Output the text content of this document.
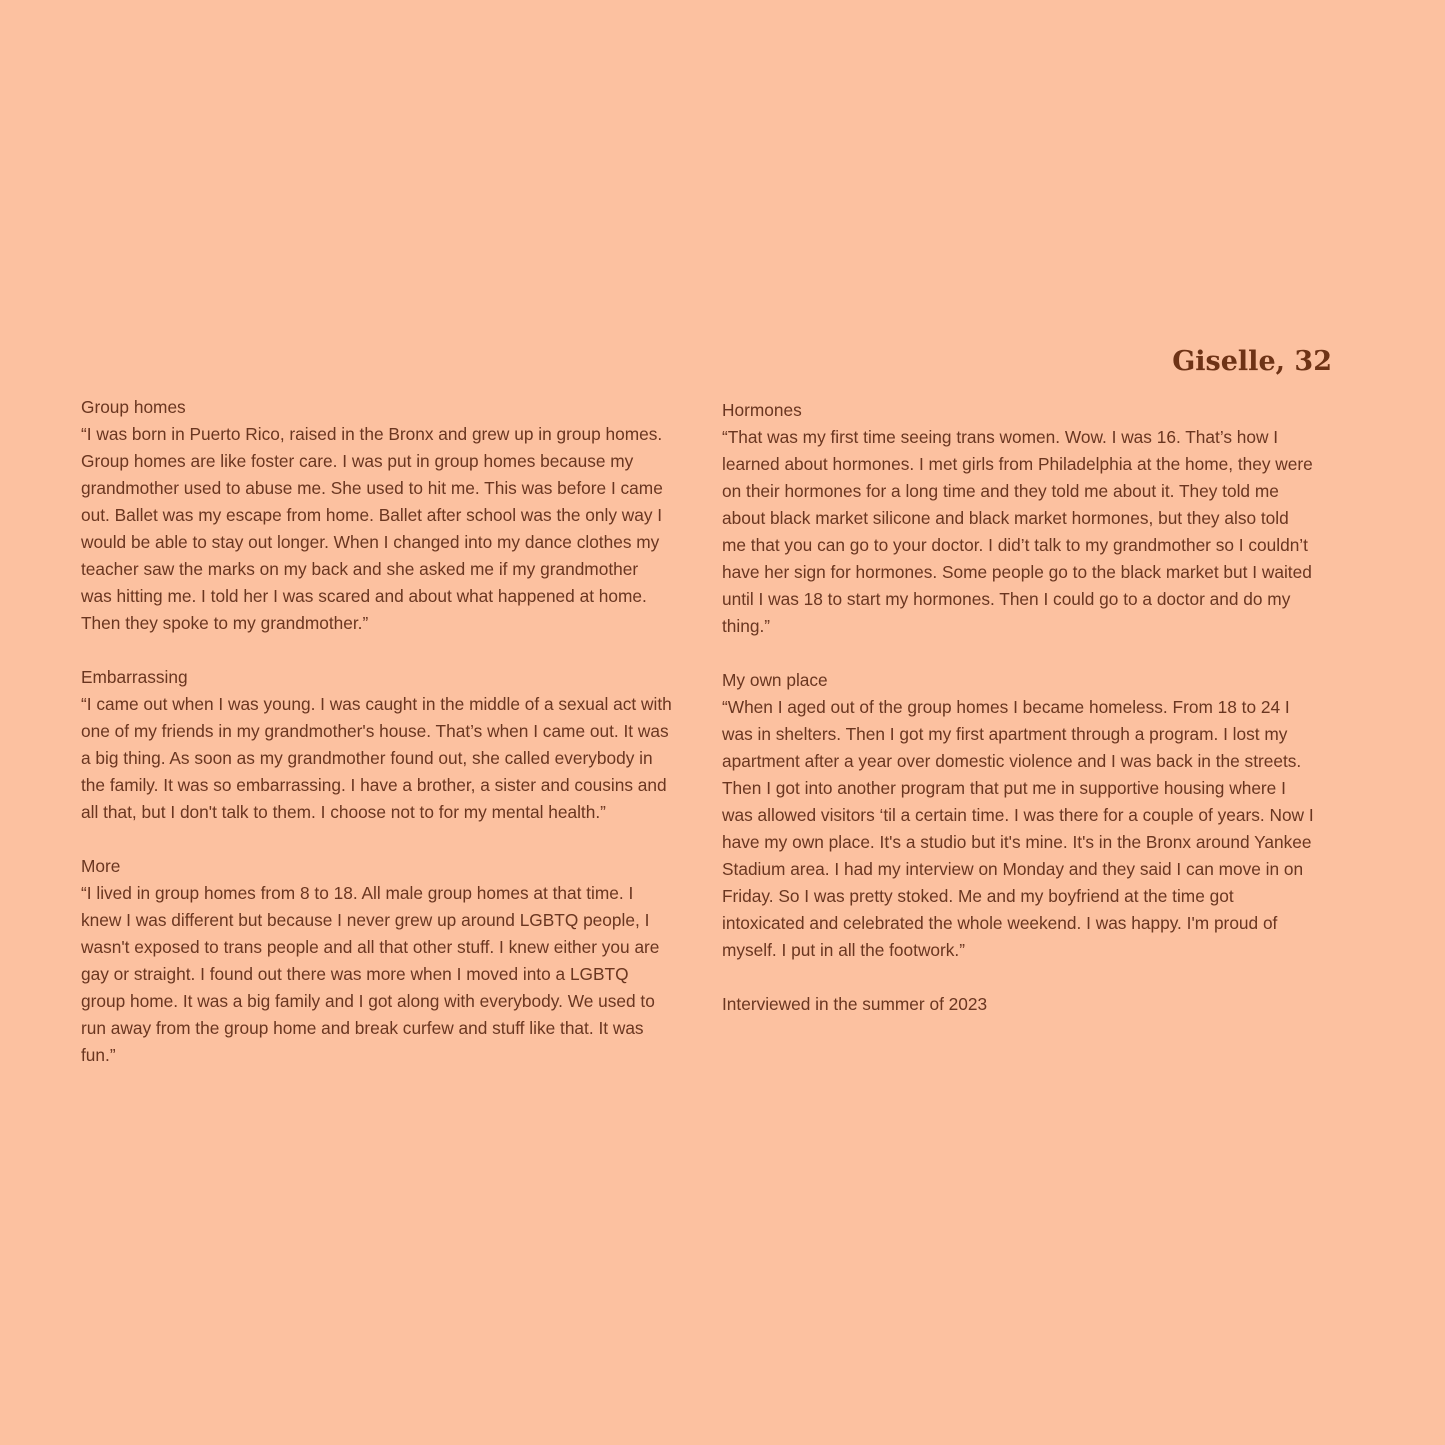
Giselle, 32
Group homes
“I was born in Puerto Rico, raised in the Bronx and grew up in group homes. Group homes are like foster care. I was put in group homes because my grandmother used to abuse me. She used to hit me. This was before I came out. Ballet was my escape from home. Ballet after school was the only way I would be able to stay out longer. When I changed into my dance clothes my teacher saw the marks on my back and she asked me if my grandmother was hitting me. I told her I was scared and about what happened at home. Then they spoke to my grandmother.”
Embarrassing
“I came out when I was young. I was caught in the middle of a sexual act with one of my friends in my grandmother's house. That’s when I came out. It was a big thing. As soon as my grandmother found out, she called everybody in the family. It was so embarrassing. I have a brother, a sister and cousins and all that, but I don't talk to them. I choose not to for my mental health.”
More
“I lived in group homes from 8 to 18. All male group homes at that time. I knew I was different but because I never grew up around LGBTQ people, I wasn't exposed to trans people and all that other stuff. I knew either you are gay or straight. I found out there was more when I moved into a LGBTQ group home. It was a big family and I got along with everybody. We used to run away from the group home and break curfew and stuff like that. It was fun.”
Hormones
“That was my first time seeing trans women. Wow. I was 16. That’s how I learned about hormones. I met girls from Philadelphia at the home, they were on their hormones for a long time and they told me about it. They told me about black market silicone and black market hormones, but they also told me that you can go to your doctor. I did’t talk to my grandmother so I couldn’t have her sign for hormones. Some people go to the black market but I waited until I was 18 to start my hormones. Then I could go to a doctor and do my thing.”
My own place
“When I aged out of the group homes I became homeless. From 18 to 24 I was in shelters. Then I got my first apartment through a program. I lost my apartment after a year over domestic violence and I was back in the streets. Then I got into another program that put me in supportive housing where I was allowed visitors ‘til a certain time. I was there for a couple of years. Now I have my own place. It's a studio but it's mine. It's in the Bronx around Yankee Stadium area. I had my interview on Monday and they said I can move in on Friday. So I was pretty stoked. Me and my boyfriend at the time got intoxicated and celebrated the whole weekend. I was happy. I'm proud of myself. I put in all the footwork.”
Interviewed in the summer of 2023
